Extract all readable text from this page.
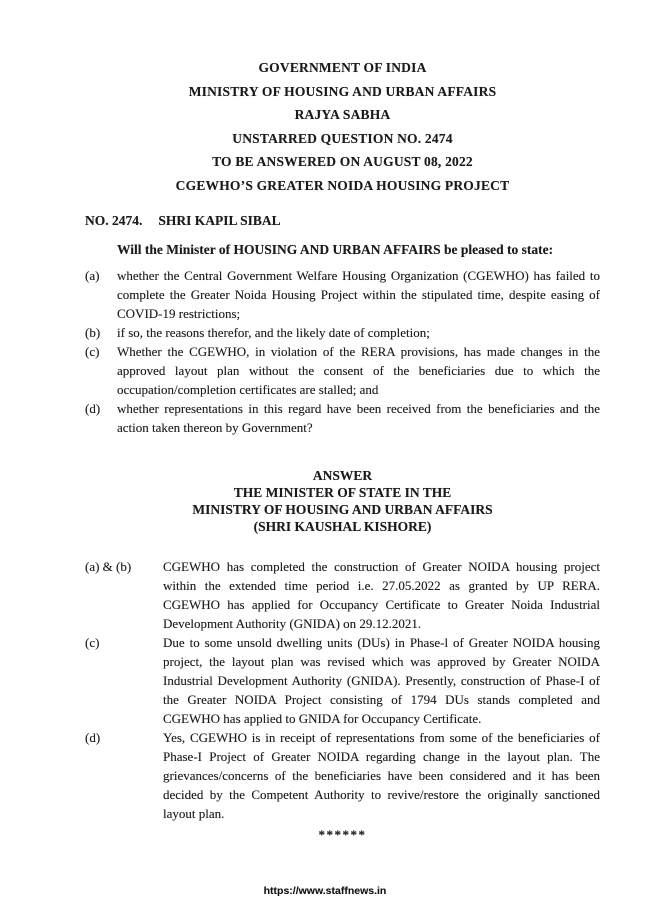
GOVERNMENT OF INDIA
MINISTRY OF HOUSING AND URBAN AFFAIRS
RAJYA SABHA
UNSTARRED QUESTION NO. 2474
TO BE ANSWERED ON AUGUST 08, 2022
CGEWHO’S GREATER NOIDA HOUSING PROJECT
NO. 2474. SHRI KAPIL SIBAL
Will the Minister of HOUSING AND URBAN AFFAIRS be pleased to state:
(a)	whether the Central Government Welfare Housing Organization (CGEWHO) has failed to complete the Greater Noida Housing Project within the stipulated time, despite easing of COVID-19 restrictions;
(b)	if so, the reasons therefor, and the likely date of completion;
(c)	Whether the CGEWHO, in violation of the RERA provisions, has made changes in the approved layout plan without the consent of the beneficiaries due to which the occupation/completion certificates are stalled; and
(d)	whether representations in this regard have been received from the beneficiaries and the action taken thereon by Government?
ANSWER
THE MINISTER OF STATE IN THE
MINISTRY OF HOUSING AND URBAN AFFAIRS
(SHRI KAUSHAL KISHORE)
(a) & (b)	CGEWHO has completed the construction of Greater NOIDA housing project within the extended time period i.e. 27.05.2022 as granted by UP RERA. CGEWHO has applied for Occupancy Certificate to Greater Noida Industrial Development Authority (GNIDA) on 29.12.2021.
(c)	Due to some unsold dwelling units (DUs) in Phase-l of Greater NOIDA housing project, the layout plan was revised which was approved by Greater NOIDA Industrial Development Authority (GNIDA). Presently, construction of Phase-I of the Greater NOIDA Project consisting of 1794 DUs stands completed and CGEWHO has applied to GNIDA for Occupancy Certificate.
(d)	Yes, CGEWHO is in receipt of representations from some of the beneficiaries of Phase-I Project of Greater NOIDA regarding change in the layout plan. The grievances/concerns of the beneficiaries have been considered and it has been decided by the Competent Authority to revive/restore the originally sanctioned layout plan.
******
https://www.staffnews.in
